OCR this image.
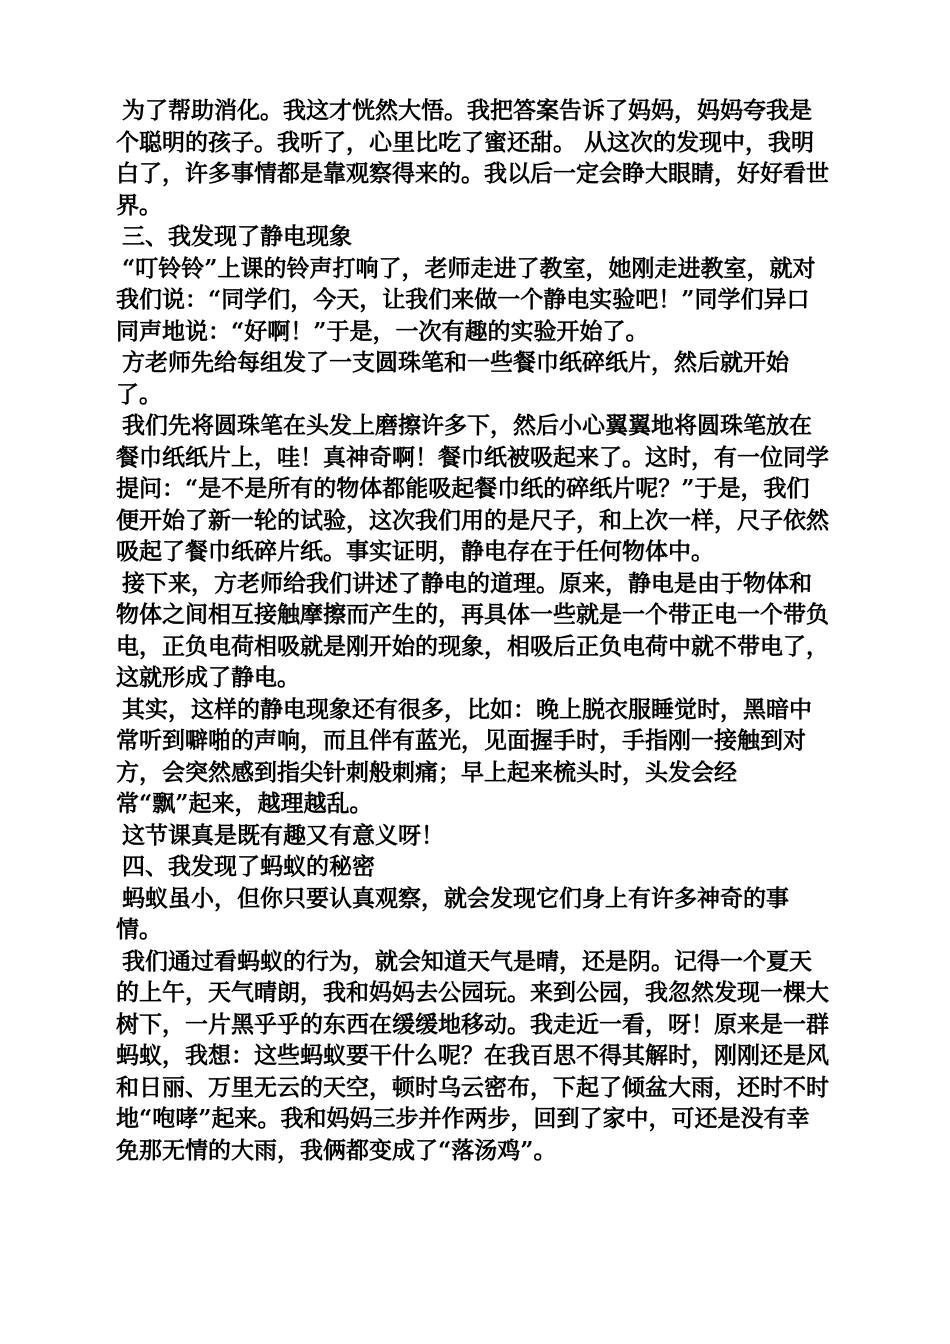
为了帮助消化。我这才恍然大悟。我把答案告诉了妈妈，妈妈夸我是个聪明的孩子。我听了，心里比吃了蜜还甜。 从这次的发现中，我明白了，许多事情都是靠观察得来的。我以后一定会睁大眼睛，好好看世界。

三、我发现了静电现象

“叮铃铃”上课的铃声打响了，老师走进了教室，她刚走进教室，就对我们说：“同学们，今天，让我们来做一个静电实验吧！”同学们异口同声地说：“好啊！”于是，一次有趣的实验开始了。

方老师先给每组发了一支圆珠笔和一些餐巾纸碎纸片，然后就开始了。

我们先将圆珠笔在头发上磨擦许多下，然后小心翼翼地将圆珠笔放在餐巾纸纸片上，哇！真神奇啊！餐巾纸被吸起来了。这时，有一位同学提问：“是不是所有的物体都能吸起餐巾纸的碎纸片呢？”于是，我们便开始了新一轮的试验，这次我们用的是尺子，和上次一样，尺子依然吸起了餐巾纸碎片纸。事实证明，静电存在于任何物体中。

接下来，方老师给我们讲述了静电的道理。原来，静电是由于物体和物体之间相互接触摩擦而产生的，再具体一些就是一个带正电一个带负电，正负电荷相吸就是刚开始的现象，相吸后正负电荷中就不带电了，这就形成了静电。

其实，这样的静电现象还有很多，比如：晚上脱衣服睡觉时，黑暗中常听到噼啪的声响，而且伴有蓝光，见面握手时，手指刚一接触到对方，会突然感到指尖针刺般刺痛；早上起来梳头时，头发会经常“飘”起来，越理越乱。

这节课真是既有趣又有意义呀！

四、我发现了蚂蚁的秘密

蚂蚁虽小，但你只要认真观察，就会发现它们身上有许多神奇的事情。

我们通过看蚂蚁的行为，就会知道天气是晴，还是阴。记得一个夏天的上午，天气晴朗，我和妈妈去公园玩。来到公园，我忽然发现一棵大树下，一片黑乎乎的东西在缓缓地移动。我走近一看，呀！原来是一群蚂蚁，我想：这些蚂蚁要干什么呢？在我百思不得其解时，刚刚还是风和日丽、万里无云的天空，顿时乌云密布，下起了倾盆大雨，还时不时地“咆哮”起来。我和妈妈三步并作两步，回到了家中，可还是没有幸免那无情的大雨，我俩都变成了“落汤鸡”。
